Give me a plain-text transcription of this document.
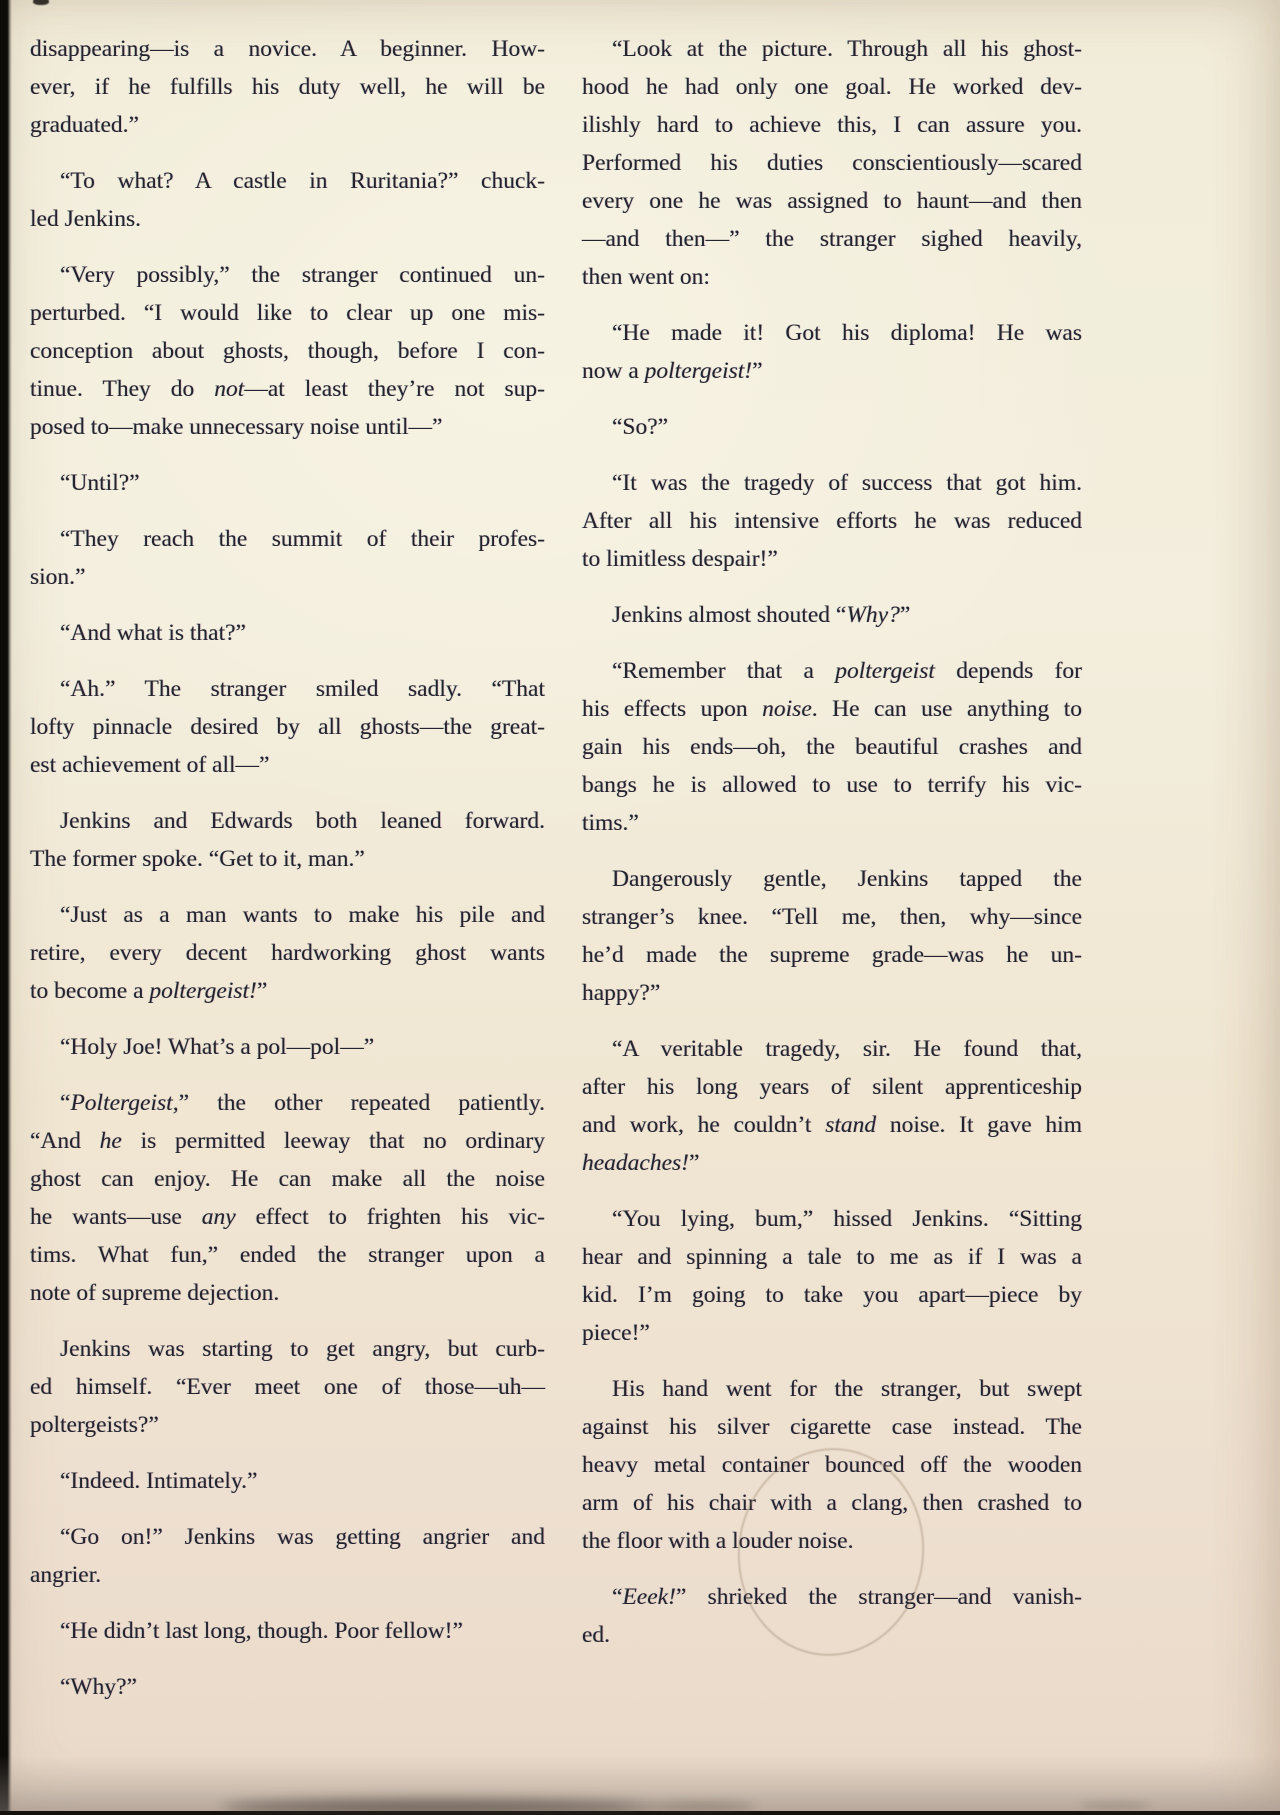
disappearing—is a novice. A beginner. How-
ever, if he fulfills his duty well, he will be
graduated.”
“To what? A castle in Ruritania?” chuck-
led Jenkins.
“Very possibly,” the stranger continued un-
perturbed. “I would like to clear up one mis-
conception about ghosts, though, before I con-
tinue. They do not—at least they’re not sup-
posed to—make unnecessary noise until—”
“Until?”
“They reach the summit of their profes-
sion.”
“And what is that?”
“Ah.” The stranger smiled sadly. “That
lofty pinnacle desired by all ghosts—the great-
est achievement of all—”
Jenkins and Edwards both leaned forward.
The former spoke. “Get to it, man.”
“Just as a man wants to make his pile and
retire, every decent hardworking ghost wants
to become a poltergeist!”
“Holy Joe! What’s a pol—pol—”
“Poltergeist,” the other repeated patiently.
“And he is permitted leeway that no ordinary
ghost can enjoy. He can make all the noise
he wants—use any effect to frighten his vic-
tims. What fun,” ended the stranger upon a
note of supreme dejection.
Jenkins was starting to get angry, but curb-
ed himself. “Ever meet one of those—uh—
poltergeists?”
“Indeed. Intimately.”
“Go on!” Jenkins was getting angrier and
angrier.
“He didn’t last long, though. Poor fellow!”
“Why?”
“Look at the picture. Through all his ghost-
hood he had only one goal. He worked dev-
ilishly hard to achieve this, I can assure you.
Performed his duties conscientiously—scared
every one he was assigned to haunt—and then
—and then—” the stranger sighed heavily,
then went on:
“He made it! Got his diploma! He was
now a poltergeist!”
“So?”
“It was the tragedy of success that got him.
After all his intensive efforts he was reduced
to limitless despair!”
Jenkins almost shouted “Why?”
“Remember that a poltergeist depends for
his effects upon noise. He can use anything to
gain his ends—oh, the beautiful crashes and
bangs he is allowed to use to terrify his vic-
tims.”
Dangerously gentle, Jenkins tapped the
stranger’s knee. “Tell me, then, why—since
he’d made the supreme grade—was he un-
happy?”
“A veritable tragedy, sir. He found that,
after his long years of silent apprenticeship
and work, he couldn’t stand noise. It gave him
headaches!”
“You lying, bum,” hissed Jenkins. “Sitting
hear and spinning a tale to me as if I was a
kid. I’m going to take you apart—piece by
piece!”
His hand went for the stranger, but swept
against his silver cigarette case instead. The
heavy metal container bounced off the wooden
arm of his chair with a clang, then crashed to
the floor with a louder noise.
“Eeek!” shrieked the stranger—and vanish-
ed.
